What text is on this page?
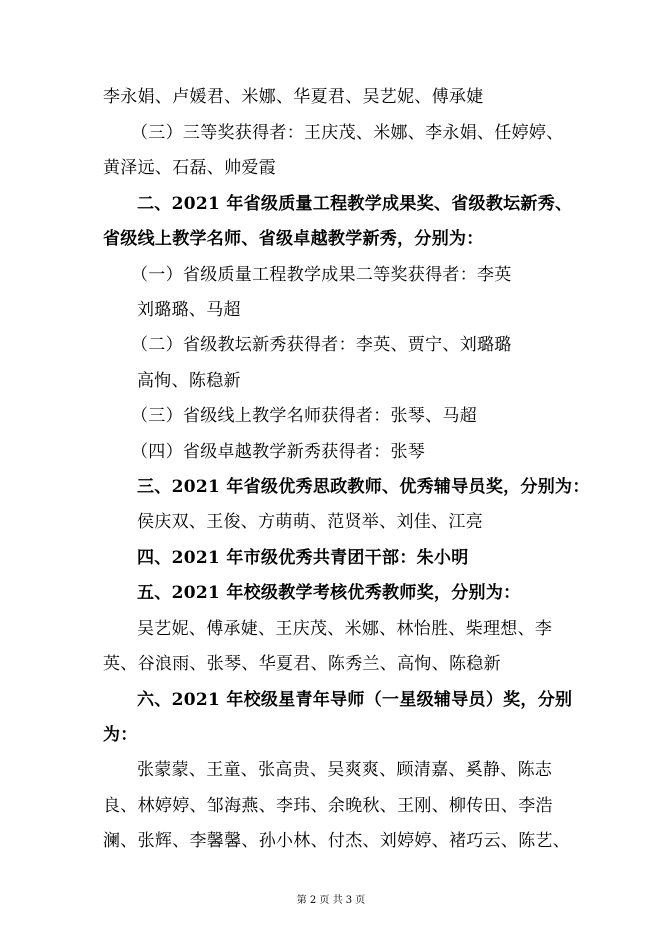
李永娟、卢媛君、米娜、华夏君、吴艺妮、傅承婕
（三）三等奖获得者：王庆茂、米娜、李永娟、任婷婷、
黄泽远、石磊、帅爱霞
二、2021 年省级质量工程教学成果奖、省级教坛新秀、
省级线上教学名师、省级卓越教学新秀，分别为：
（一）省级质量工程教学成果二等奖获得者：李英
刘璐璐、马超
（二）省级教坛新秀获得者：李英、贾宁、刘璐璐
高恂、陈稳新
（三）省级线上教学名师获得者：张琴、马超
（四）省级卓越教学新秀获得者：张琴
三、2021 年省级优秀思政教师、优秀辅导员奖，分别为：
侯庆双、王俊、方萌萌、范贤举、刘佳、江亮
四、2021 年市级优秀共青团干部：朱小明
五、2021 年校级教学考核优秀教师奖，分别为：
吴艺妮、傅承婕、王庆茂、米娜、林怡胜、柴理想、李
英、谷浪雨、张琴、华夏君、陈秀兰、高恂、陈稳新
六、2021 年校级星青年导师（一星级辅导员）奖，分别
为：
张蒙蒙、王童、张高贵、吴爽爽、顾清嘉、奚静、陈志
良、林婷婷、邹海燕、李玮、余晚秋、王刚、柳传田、李浩
澜、张辉、李馨馨、孙小林、付杰、刘婷婷、褚巧云、陈艺、
第 2 页 共 3 页
